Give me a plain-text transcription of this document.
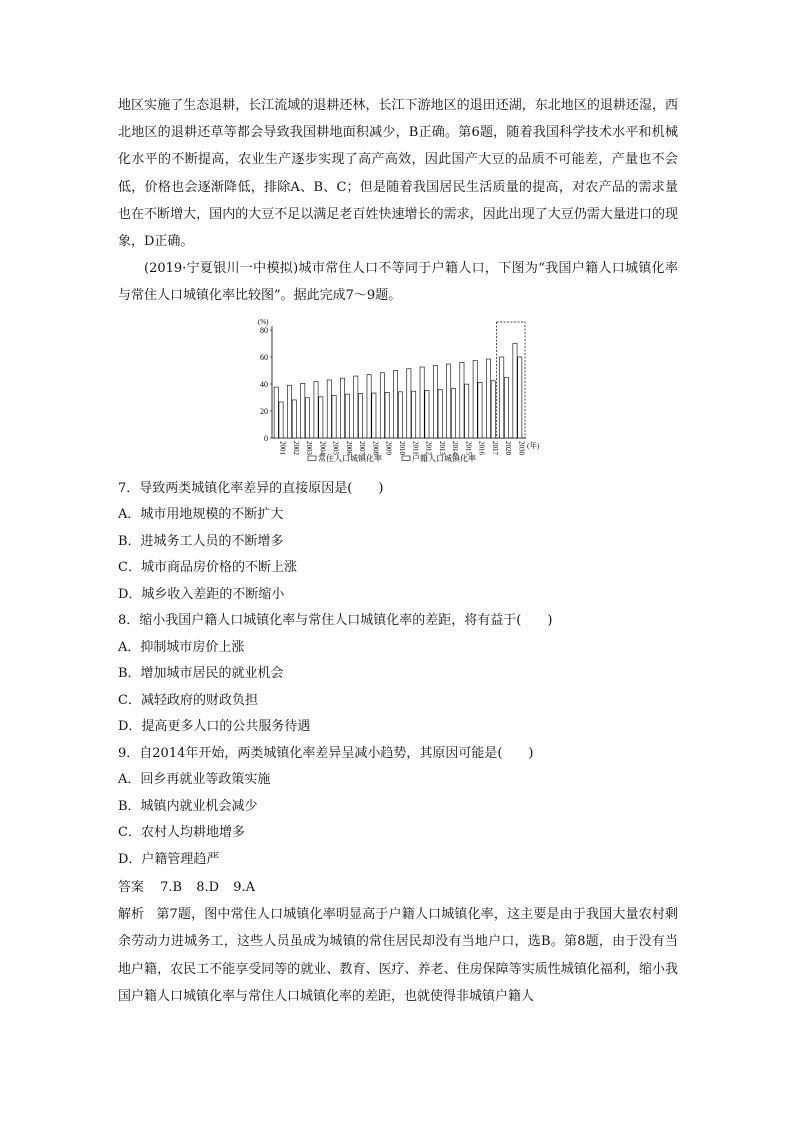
地区实施了生态退耕，长江流域的退耕还林，长江下游地区的退田还湖，东北地区的退耕还湿，西北地区的退耕还草等都会导致我国耕地面积减少，B正确。第6题，随着我国科学技术水平和机械化水平的不断提高，农业生产逐步实现了高产高效，因此国产大豆的品质不可能差，产量也不会低，价格也会逐渐降低，排除A、B、C；但是随着我国居民生活质量的提高，对农产品的需求量也在不断增大，国内的大豆不足以满足老百姓快速增长的需求，因此出现了大豆仍需大量进口的现象，D正确。

(2019·宁夏银川一中模拟)城市常住人口不等同于户籍人口，下图为“我国户籍人口城镇化率与常住人口城镇化率比较图”。据此完成7～9题。

0
20
40
60
80
(%)
2001 2002 2003 2004 2005 2006 2007 2008 2009 2010 2011 2012 2013 2014 2015 2016 2017 2020 2030 (年)
常住人口城镇化率	户籍人口城镇化率

7．导致两类城镇化率差异的直接原因是(　　)

A．城市用地规模的不断扩大

B．进城务工人员的不断增多

C．城市商品房价格的不断上涨

D．城乡收入差距的不断缩小

8．缩小我国户籍人口城镇化率与常住人口城镇化率的差距，将有益于(　　)

A．抑制城市房价上涨

B．增加城市居民的就业机会

C．减轻政府的财政负担

D．提高更多人口的公共服务待遇

9．自2014年开始，两类城镇化率差异呈减小趋势，其原因可能是(　　)

A．回乡再就业等政策实施

B．城镇内就业机会减少

C．农村人均耕地增多

D．户籍管理趋严

答案 7.B 8.D 9.A

解析 第7题，图中常住人口城镇化率明显高于户籍人口城镇化率，这主要是由于我国大量农村剩余劳动力进城务工，这些人员虽成为城镇的常住居民却没有当地户口，选B。第8题，由于没有当地户籍，农民工不能享受同等的就业、教育、医疗、养老、住房保障等实质性城镇化福利，缩小我国户籍人口城镇化率与常住人口城镇化率的差距，也就使得非城镇户籍人
